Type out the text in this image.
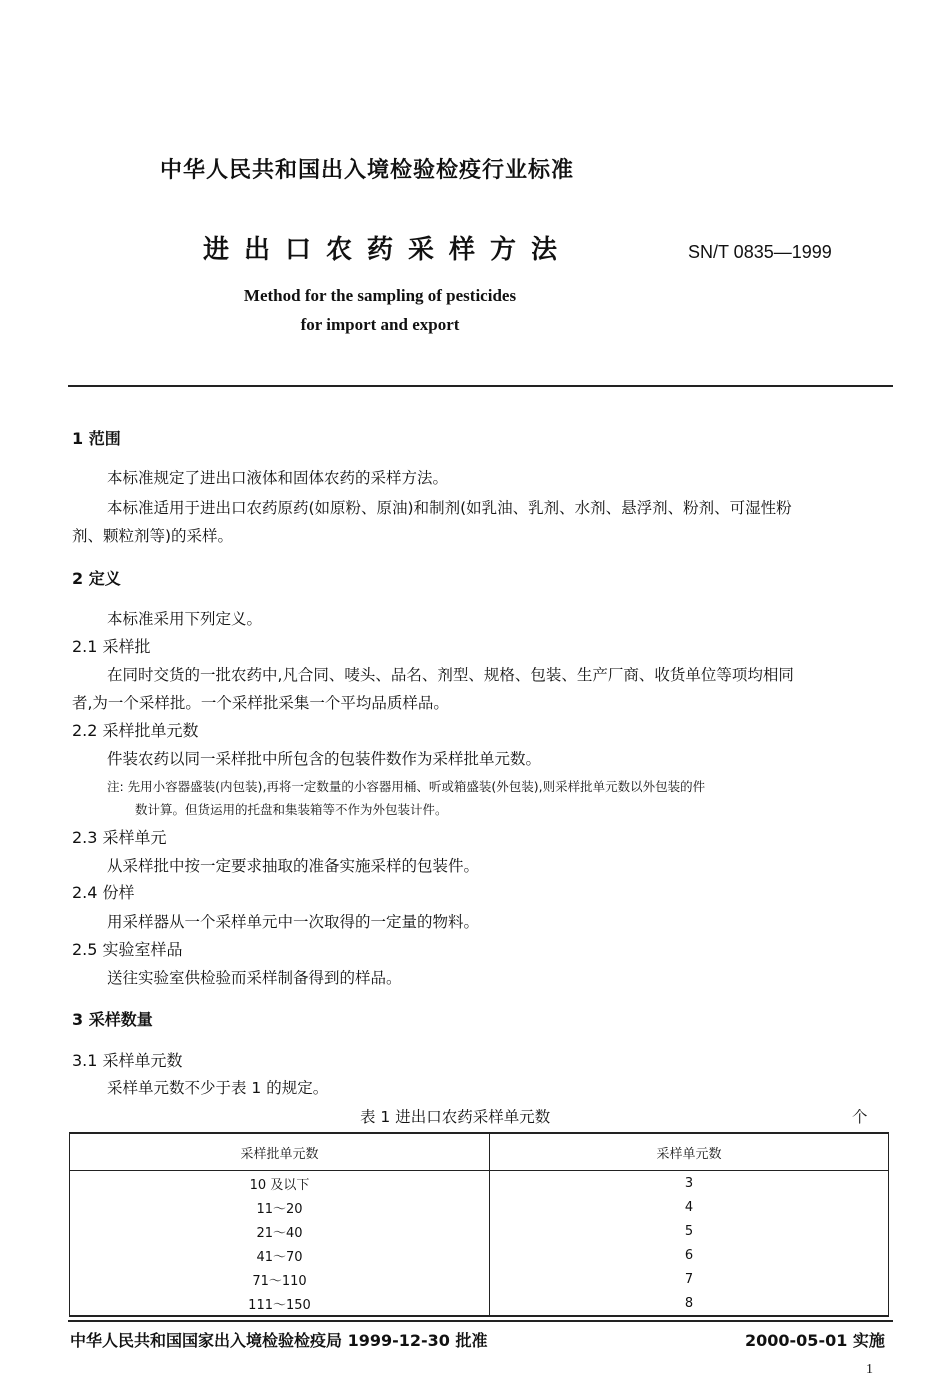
中华人民共和国出入境检验检疫行业标准
进出口农药采样方法	SN/T 0835—1999
Method for the sampling of pesticides
for import and export
1 范围
本标准规定了进出口液体和固体农药的采样方法。
本标准适用于进出口农药原药(如原粉、原油)和制剂(如乳油、乳剂、水剂、悬浮剂、粉剂、可湿性粉
剂、颗粒剂等)的采样。
2 定义
本标准采用下列定义。
2.1 采样批
在同时交货的一批农药中,凡合同、唛头、品名、剂型、规格、包装、生产厂商、收货单位等项均相同
者,为一个采样批。一个采样批采集一个平均品质样品。
2.2 采样批单元数
件装农药以同一采样批中所包含的包装件数作为采样批单元数。
注: 先用小容器盛装(内包装),再将一定数量的小容器用桶、听或箱盛装(外包装),则采样批单元数以外包装的件
数计算。但货运用的托盘和集装箱等不作为外包装计件。
2.3 采样单元
从采样批中按一定要求抽取的准备实施采样的包装件。
2.4 份样
用采样器从一个采样单元中一次取得的一定量的物料。
2.5 实验室样品
送往实验室供检验而采样制备得到的样品。
3 采样数量
3.1 采样单元数
采样单元数不少于表 1 的规定。
表 1 进出口农药采样单元数	个
采样批单元数	采样单元数
10 及以下	3
11～20	4
21～40	5
41～70	6
71～110	7
111～150	8
中华人民共和国国家出入境检验检疫局 1999-12-30 批准	2000-05-01 实施
1
